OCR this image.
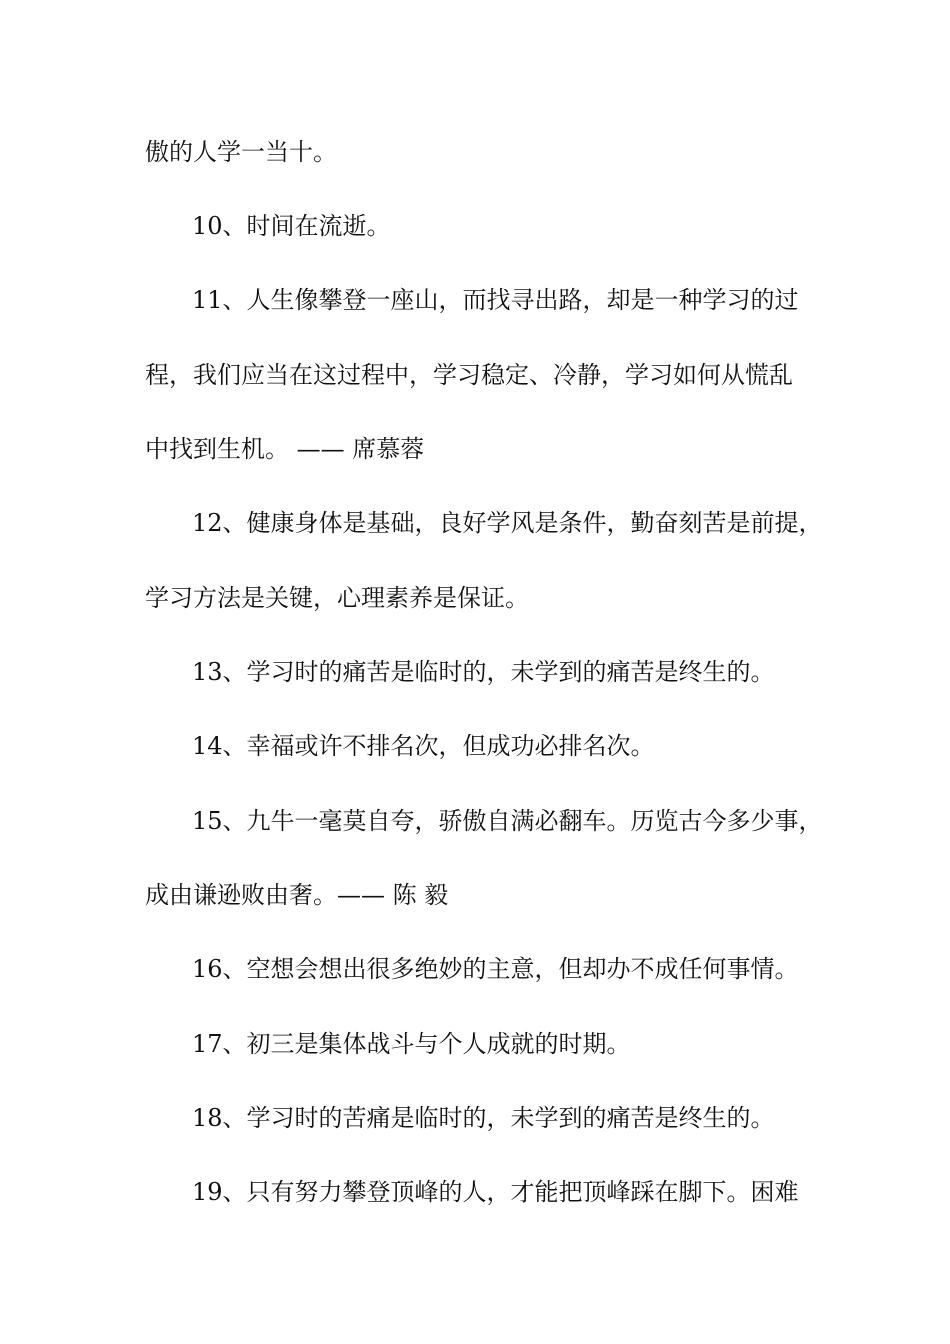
傲的人学一当十。
10、时间在流逝。
11、人生像攀登一座山，而找寻出路，却是一种学习的过
程，我们应当在这过程中，学习稳定、冷静，学习如何从慌乱
中找到生机。 —— 席慕蓉
12、健康身体是基础，良好学风是条件，勤奋刻苦是前提，
学习方法是关键，心理素养是保证。
13、学习时的痛苦是临时的，未学到的痛苦是终生的。
14、幸福或许不排名次，但成功必排名次。
15、九牛一毫莫自夸，骄傲自满必翻车。历览古今多少事，
成由谦逊败由奢。—— 陈 毅
16、空想会想出很多绝妙的主意，但却办不成任何事情。
17、初三是集体战斗与个人成就的时期。
18、学习时的苦痛是临时的，未学到的痛苦是终生的。
19、只有努力攀登顶峰的人，才能把顶峰踩在脚下。困难
